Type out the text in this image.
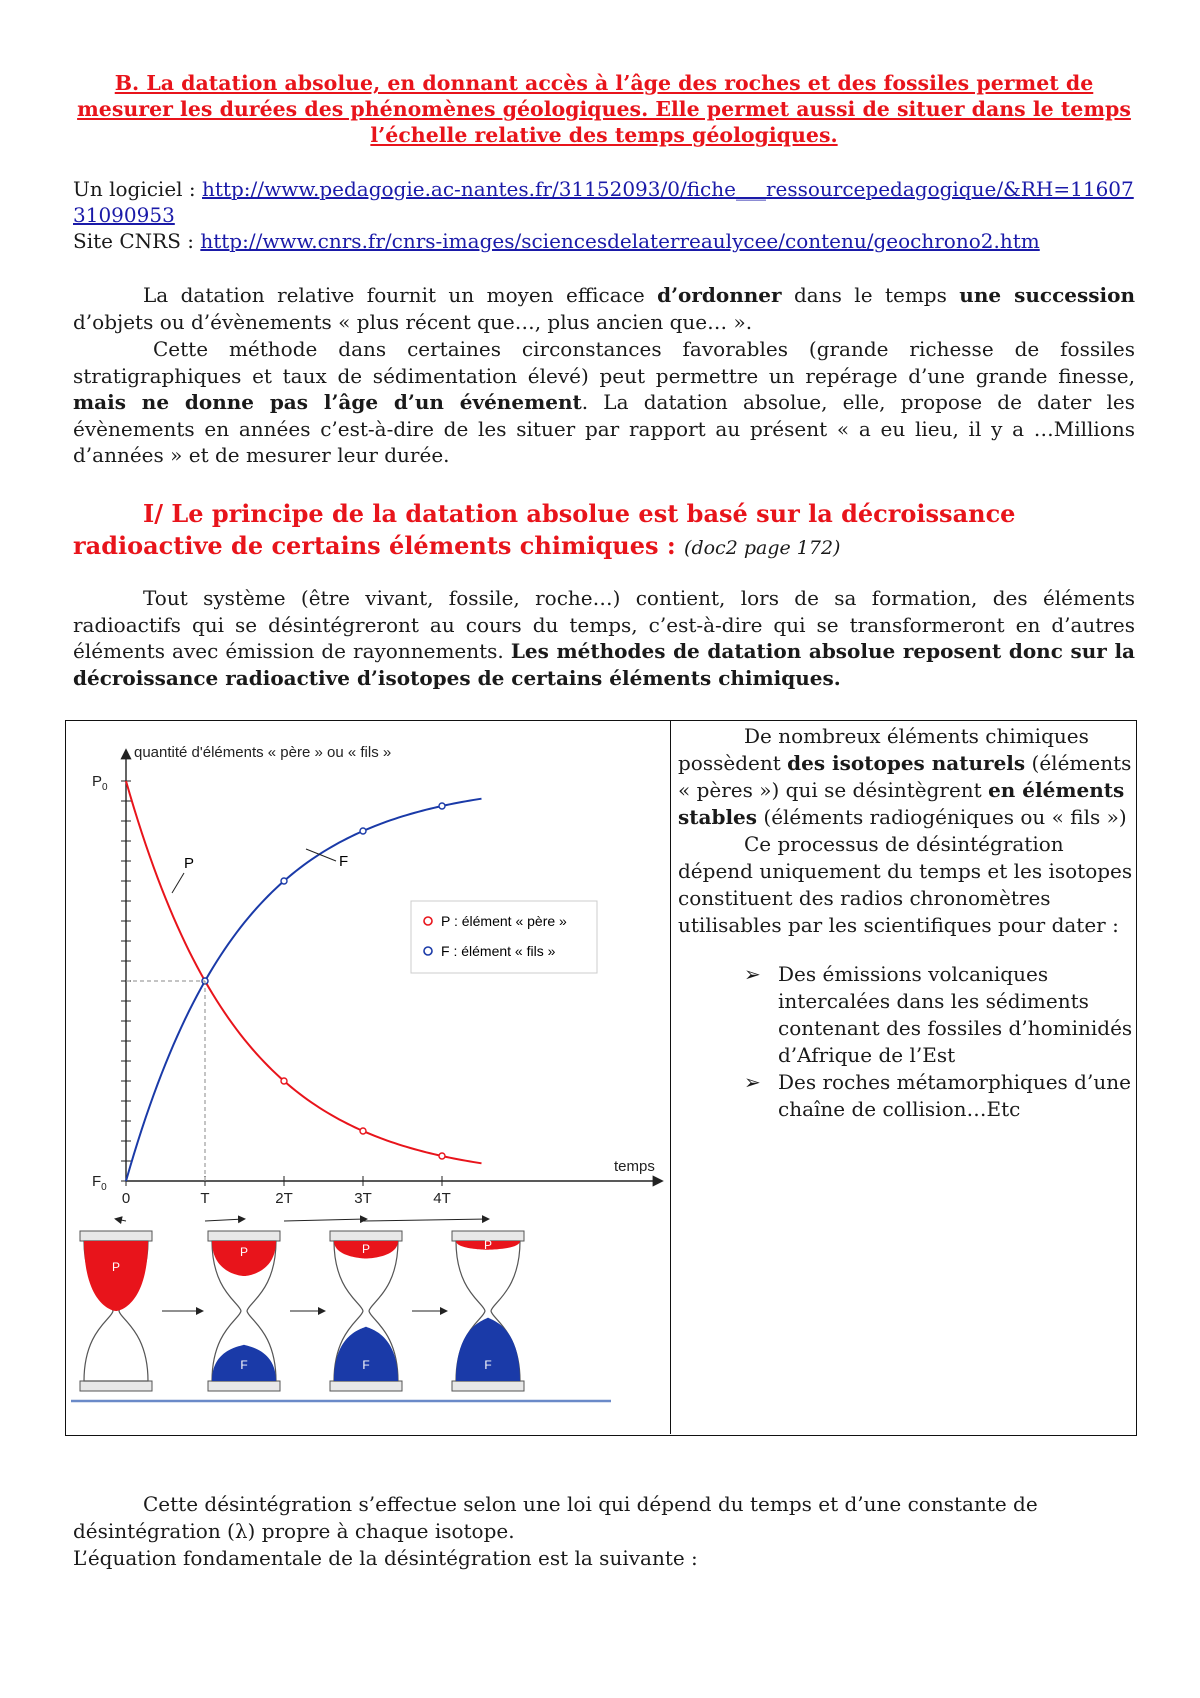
B. La datation absolue, en donnant accès à l’âge des roches et des fossiles permet de mesurer les durées des phénomènes géologiques. Elle permet aussi de situer dans le temps l’échelle relative des temps géologiques.
Un logiciel : http://www.pedagogie.ac-nantes.fr/31152093/0/fiche___ressourcepedagogique/&RH=1160731090953
Site CNRS : http://www.cnrs.fr/cnrs-images/sciencesdelaterreaulycee/contenu/geochrono2.htm
La datation relative fournit un moyen efficace d’ordonner dans le temps une succession d’objets ou d’évènements « plus récent que…, plus ancien que… ».
Cette méthode dans certaines circonstances favorables (grande richesse de fossiles stratigraphiques et taux de sédimentation élevé) peut permettre un repérage d’une grande finesse, mais ne donne pas l’âge d’un événement. La datation absolue, elle, propose de dater les évènements en années c’est-à-dire de les situer par rapport au présent « a eu lieu, il y a …Millions d’années » et de mesurer leur durée.
I/ Le principe de la datation absolue est basé sur la décroissance radioactive de certains éléments chimiques : (doc2 page 172)
Tout système (être vivant, fossile, roche…) contient, lors de sa formation, des éléments radioactifs qui se désintégreront au cours du temps, c’est-à-dire qui se transformeront en d’autres éléments avec émission de rayonnements. Les méthodes de datation absolue reposent donc sur la décroissance radioactive d’isotopes de certains éléments chimiques.
quantité d'éléments « père » ou « fils »
temps
$P_0$
$F_0$
0	T	2T	3T	4T
P	F
P : élément « père »
F : élément « fils »
P
P
F
P
F
P
F

De nombreux éléments chimiques possèdent des isotopes naturels (éléments « pères ») qui se désintègrent en éléments stables (éléments radiogéniques ou « fils »)

Ce processus de désintégration dépend uniquement du temps et les isotopes constituent des radios chronomètres utilisables par les scientifiques pour dater :

➢ Des émissions volcaniques intercalées dans les sédiments contenant des fossiles d’hominidés d’Afrique de l’Est
➢ Des roches métamorphiques d’une chaîne de collision…Etc

Cette désintégration s’effectue selon une loi qui dépend du temps et d’une constante de désintégration (λ) propre à chaque isotope.

L’équation fondamentale de la désintégration est la suivante :
